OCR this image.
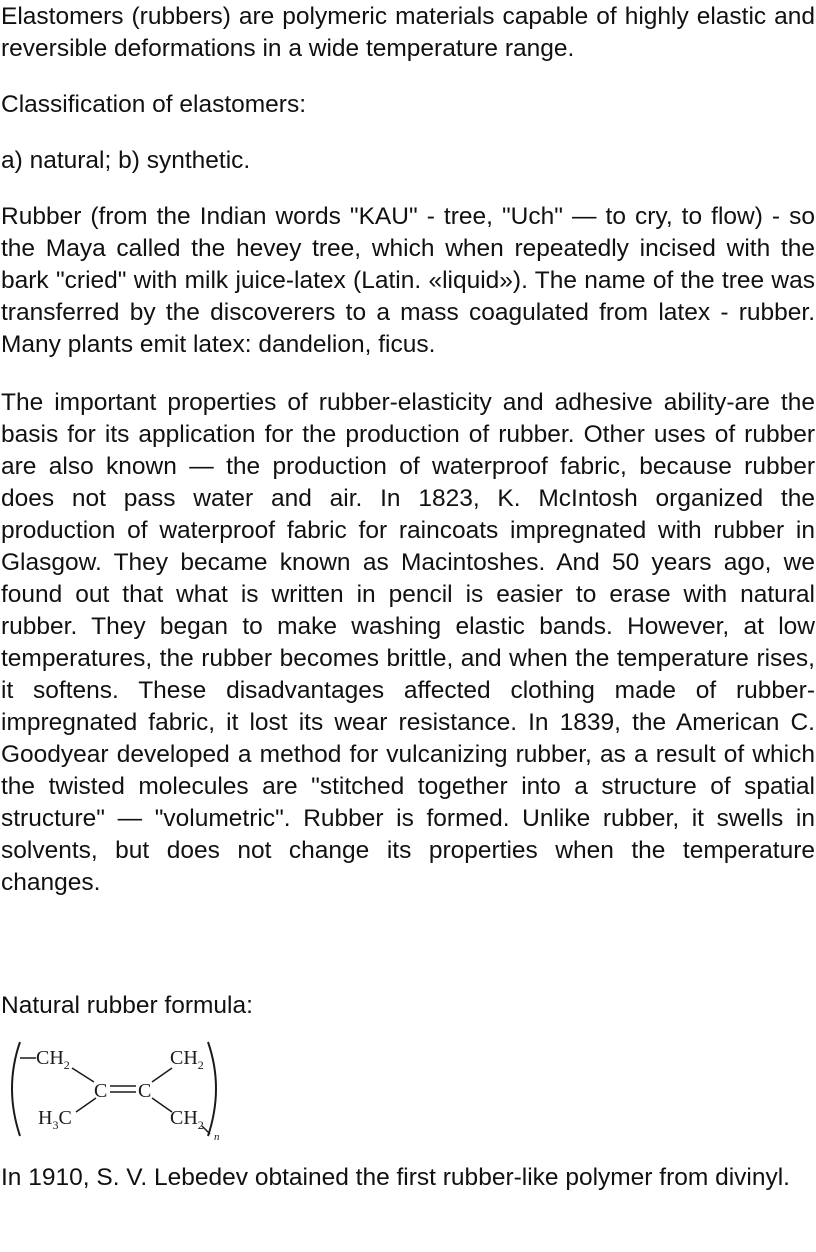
Elastomers (rubbers) are polymeric materials capable of highly elastic and reversible deformations in a wide temperature range.

Classification of elastomers:

a) natural; b) synthetic.

Rubber (from the Indian words "KAU" - tree, "Uch" — to cry, to flow) - so the Maya called the hevey tree, which when repeatedly incised with the bark "cried" with milk juice-latex (Latin. «liquid»). The name of the tree was transferred by the discoverers to a mass coagulated from latex - rubber. Many plants emit latex: dandelion, ficus.

The important properties of rubber-elasticity and adhesive ability-are the basis for its application for the production of rubber. Other uses of rubber are also known — the production of waterproof fabric, because rubber does not pass water and air. In 1823, K. McIntosh organized the production of waterproof fabric for raincoats impregnated with rubber in Glasgow. They became known as Macintoshes. And 50 years ago, we found out that what is written in pencil is easier to erase with natural rubber. They began to make washing elastic bands. However, at low temperatures, the rubber becomes brittle, and when the temperature rises, it softens. These disadvantages affected clothing made of rubber-impregnated fabric, it lost its wear resistance. In 1839, the American C. Goodyear developed a method for vulcanizing rubber, as a result of which the twisted molecules are "stitched together into a structure of spatial structure" — "volumetric". Rubber is formed. Unlike rubber, it swells in solvents, but does not change its properties when the temperature changes.

Natural rubber formula:

$CH_2$
$H_3C$
C C
$CH_2$
$CH_2$
n

In 1910, S. V. Lebedev obtained the first rubber-like polymer from divinyl.
